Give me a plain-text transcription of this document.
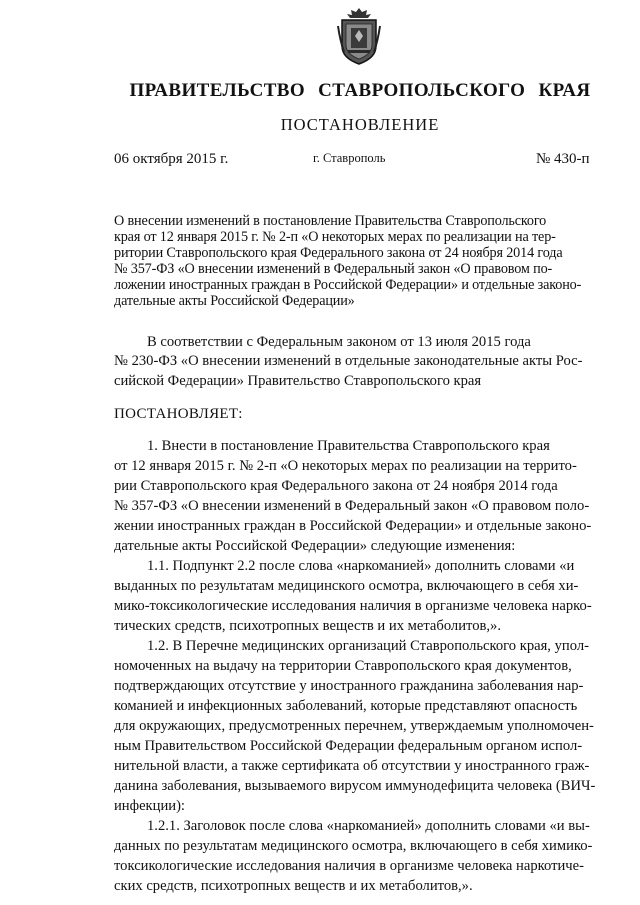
ПРАВИТЕЛЬСТВО СТАВРОПОЛЬСКОГО КРАЯ
ПОСТАНОВЛЕНИЕ
06 октября 2015 г.	г. Ставрополь	№ 430-п
О внесении изменений в постановление Правительства Ставропольского
края от 12 января 2015 г. № 2-п «О некоторых мерах по реализации на тер-
ритории Ставропольского края Федерального закона от 24 ноября 2014 года
№ 357-ФЗ «О внесении изменений в Федеральный закон «О правовом по-
ложении иностранных граждан в Российской Федерации» и отдельные законо-
дательные акты Российской Федерации»
В соответствии с Федеральным законом от 13 июля 2015 года
№ 230-ФЗ «О внесении изменений в отдельные законодательные акты Рос-
сийской Федерации» Правительство Ставропольского края
ПОСТАНОВЛЯЕТ:
1. Внести в постановление Правительства Ставропольского края
от 12 января 2015 г. № 2-п «О некоторых мерах по реализации на террито-
рии Ставропольского края Федерального закона от 24 ноября 2014 года
№ 357-ФЗ «О внесении изменений в Федеральный закон «О правовом поло-
жении иностранных граждан в Российской Федерации» и отдельные законо-
дательные акты Российской Федерации» следующие изменения:
1.1. Подпункт 2.2 после слова «наркоманией» дополнить словами «и
выданных по результатам медицинского осмотра, включающего в себя хи-
мико-токсикологические исследования наличия в организме человека нарко-
тических средств, психотропных веществ и их метаболитов,».
1.2. В Перечне медицинских организаций Ставропольского края, упол-
номоченных на выдачу на территории Ставропольского края документов,
подтверждающих отсутствие у иностранного гражданина заболевания нар-
команией и инфекционных заболеваний, которые представляют опасность
для окружающих, предусмотренных перечнем, утверждаемым уполномочен-
ным Правительством Российской Федерации федеральным органом испол-
нительной власти, а также сертификата об отсутствии у иностранного граж-
данина заболевания, вызываемого вирусом иммунодефицита человека (ВИЧ-
инфекции):
1.2.1. Заголовок после слова «наркоманией» дополнить словами «и вы-
данных по результатам медицинского осмотра, включающего в себя химико-
токсикологические исследования наличия в организме человека наркотиче-
ских средств, психотропных веществ и их метаболитов,».
